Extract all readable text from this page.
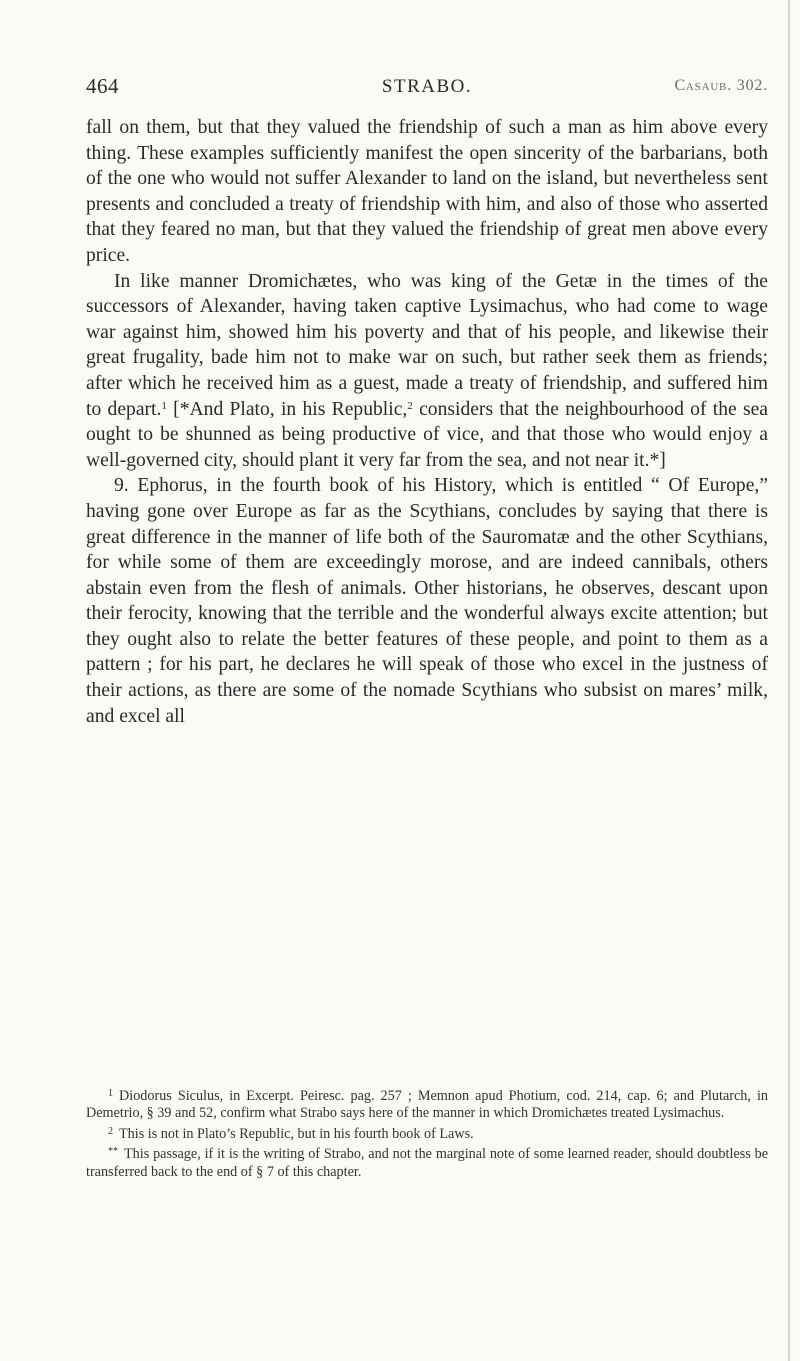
464	STRABO.	Casaub. 302.

fall on them, but that they valued the friendship of such a man as him above every thing. These examples sufficiently manifest the open sincerity of the barbarians, both of the one who would not suffer Alexander to land on the island, but nevertheless sent presents and concluded a treaty of friendship with him, and also of those who asserted that they feared no man, but that they valued the friendship of great men above every price.

In like manner Dromichætes, who was king of the Getæ in the times of the successors of Alexander, having taken captive Lysimachus, who had come to wage war against him, showed him his poverty and that of his people, and likewise their great frugality, bade him not to make war on such, but rather seek them as friends; after which he received him as a guest, made a treaty of friendship, and suffered him to depart.$^1$ [*And Plato, in his Republic,$^2$ considers that the neighbourhood of the sea ought to be shunned as being productive of vice, and that those who would enjoy a well-governed city, should plant it very far from the sea, and not near it.*]

9. Ephorus, in the fourth book of his History, which is entitled “ Of Europe,” having gone over Europe as far as the Scythians, concludes by saying that there is great difference in the manner of life both of the Sauromatæ and the other Scythians, for while some of them are exceedingly morose, and are indeed cannibals, others abstain even from the flesh of animals. Other historians, he observes, descant upon their ferocity, knowing that the terrible and the wonderful always excite attention; but they ought also to relate the better features of these people, and point to them as a pattern ; for his part, he declares he will speak of those who excel in the justness of their actions, as there are some of the nomade Scythians who subsist on mares’ milk, and excel all

$^1$ Diodorus Siculus, in Excerpt. Peiresc. pag. 257 ; Memnon apud Photium, cod. 214, cap. 6; and Plutarch, in Demetrio, § 39 and 52, confirm what Strabo says here of the manner in which Dromichætes treated Lysimachus.

$^2$ This is not in Plato’s Republic, but in his fourth book of Laws.

** This passage, if it is the writing of Strabo, and not the marginal note of some learned reader, should doubtless be transferred back to the end of § 7 of this chapter.
